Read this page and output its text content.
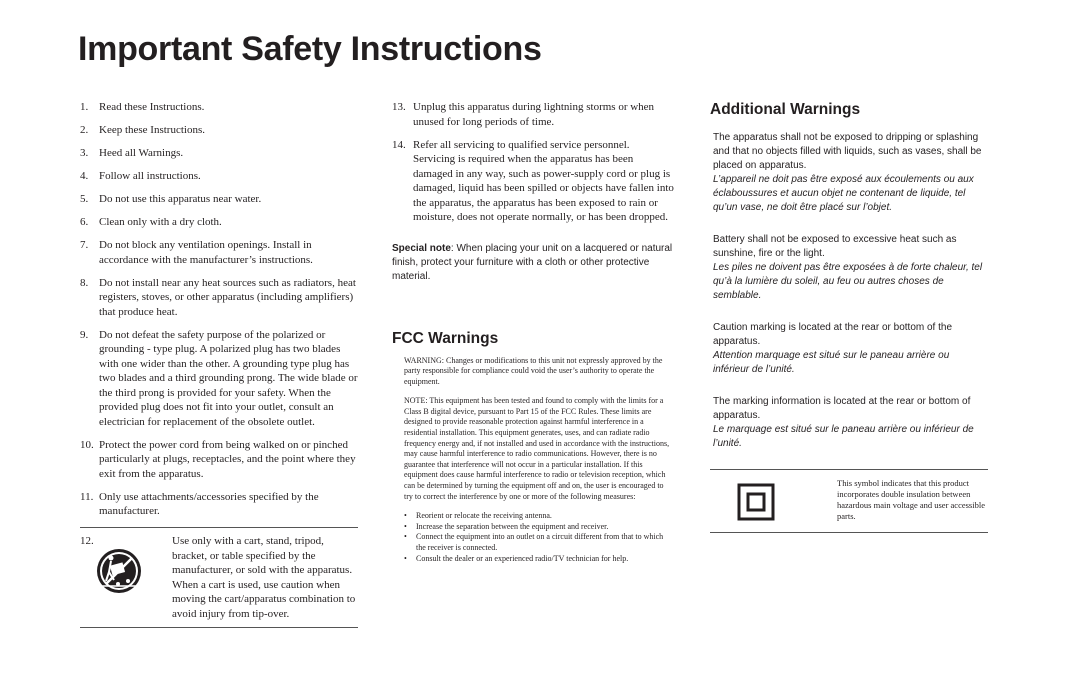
Important Safety Instructions
1. Read these Instructions.
2. Keep these Instructions.
3. Heed all Warnings.
4. Follow all instructions.
5. Do not use this apparatus near water.
6. Clean only with a dry cloth.
7. Do not block any ventilation openings. Install in accordance with the manufacturer’s instructions.
8. Do not install near any heat sources such as radiators, heat registers, stoves, or other apparatus (including amplifiers) that produce heat.
9. Do not defeat the safety purpose of the polarized or grounding - type plug. A polarized plug has two blades with one wider than the other. A grounding type plug has two blades and a third grounding prong. The wide blade or the third prong is provided for your safety. When the provided plug does not fit into your outlet, consult an electrician for replacement of the obsolete outlet.
10. Protect the power cord from being walked on or pinched particularly at plugs, receptacles, and the point where they exit from the apparatus.
11. Only use attachments/accessories specified by the manufacturer.
12.	Use only with a cart, stand, tripod, bracket, or table specified by the manufacturer, or sold with the apparatus. When a cart is used, use caution when moving the cart/apparatus combination to avoid injury from tip-over.
13. Unplug this apparatus during lightning storms or when unused for long periods of time.
14. Refer all servicing to qualified service personnel. Servicing is required when the apparatus has been damaged in any way, such as power-supply cord or plug is damaged, liquid has been spilled or objects have fallen into the apparatus, the apparatus has been exposed to rain or moisture, does not operate normally, or has been dropped.
Special note: When placing your unit on a lacquered or natural finish, protect your furniture with a cloth or other protective material.
FCC Warnings

WARNING: Changes or modifications to this unit not expressly approved by the party responsible for compliance could void the user’s authority to operate the equipment.

NOTE: This equipment has been tested and found to comply with the limits for a Class B digital device, pursuant to Part 15 of the FCC Rules. These limits are designed to provide reasonable protection against harmful interference in a residential installation. This equipment generates, uses, and can radiate radio frequency energy and, if not installed and used in accordance with the instructions, may cause harmful interference to radio communications. However, there is no guarantee that interference will not occur in a particular installation. If this equipment does cause harmful interference to radio or television reception, which can be determined by turning the equipment off and on, the user is encouraged to try to correct the interference by one or more of the following measures:

•	Reorient or relocate the receiving antenna.
•	Increase the separation between the equipment and receiver.
•	Connect the equipment into an outlet on a circuit different from that to which the receiver is connected.
•	Consult the dealer or an experienced radio/TV technician for help.
Additional Warnings
The apparatus shall not be exposed to dripping or splashing and that no objects filled with liquids, such as vases, shall be placed on apparatus.
L’appareil ne doit pas être exposé aux écoulements ou aux éclaboussures et aucun objet ne contenant de liquide, tel qu’un vase, ne doit être placé sur l’objet.
Battery shall not be exposed to excessive heat such as sunshine, fire or the light.
Les piles ne doivent pas être exposées à de forte chaleur, tel qu’à la lumière du soleil, au feu ou autres choses de semblable.
Caution marking is located at the rear or bottom of the apparatus.
Attention marquage est situé sur le paneau arrière ou inférieur de l’unité.
The marking information is located at the rear or bottom of apparatus.
Le marquage est situé sur le paneau arrière ou inférieur de l’unité.
This symbol indicates that this product incorporates double insulation between hazardous main voltage and user accessible parts.
